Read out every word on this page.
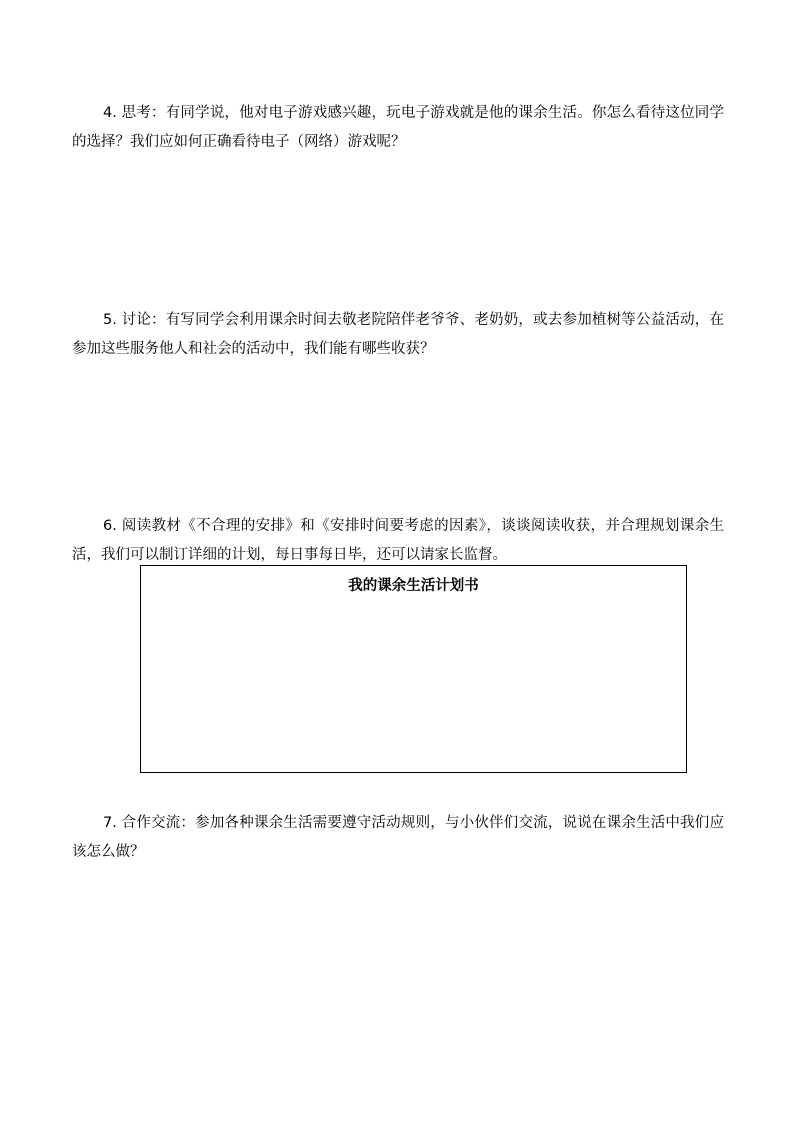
4. 思考：有同学说，他对电子游戏感兴趣，玩电子游戏就是他的课余生活。你怎么看待这位同学的选择？我们应如何正确看待电子（网络）游戏呢？

5. 讨论：有写同学会利用课余时间去敬老院陪伴老爷爷、老奶奶，或去参加植树等公益活动，在参加这些服务他人和社会的活动中，我们能有哪些收获？

6. 阅读教材《不合理的安排》和《安排时间要考虑的因素》，谈谈阅读收获，并合理规划课余生活，我们可以制订详细的计划，每日事每日毕，还可以请家长监督。

我的课余生活计划书

7. 合作交流：参加各种课余生活需要遵守活动规则，与小伙伴们交流，说说在课余生活中我们应该怎么做？
